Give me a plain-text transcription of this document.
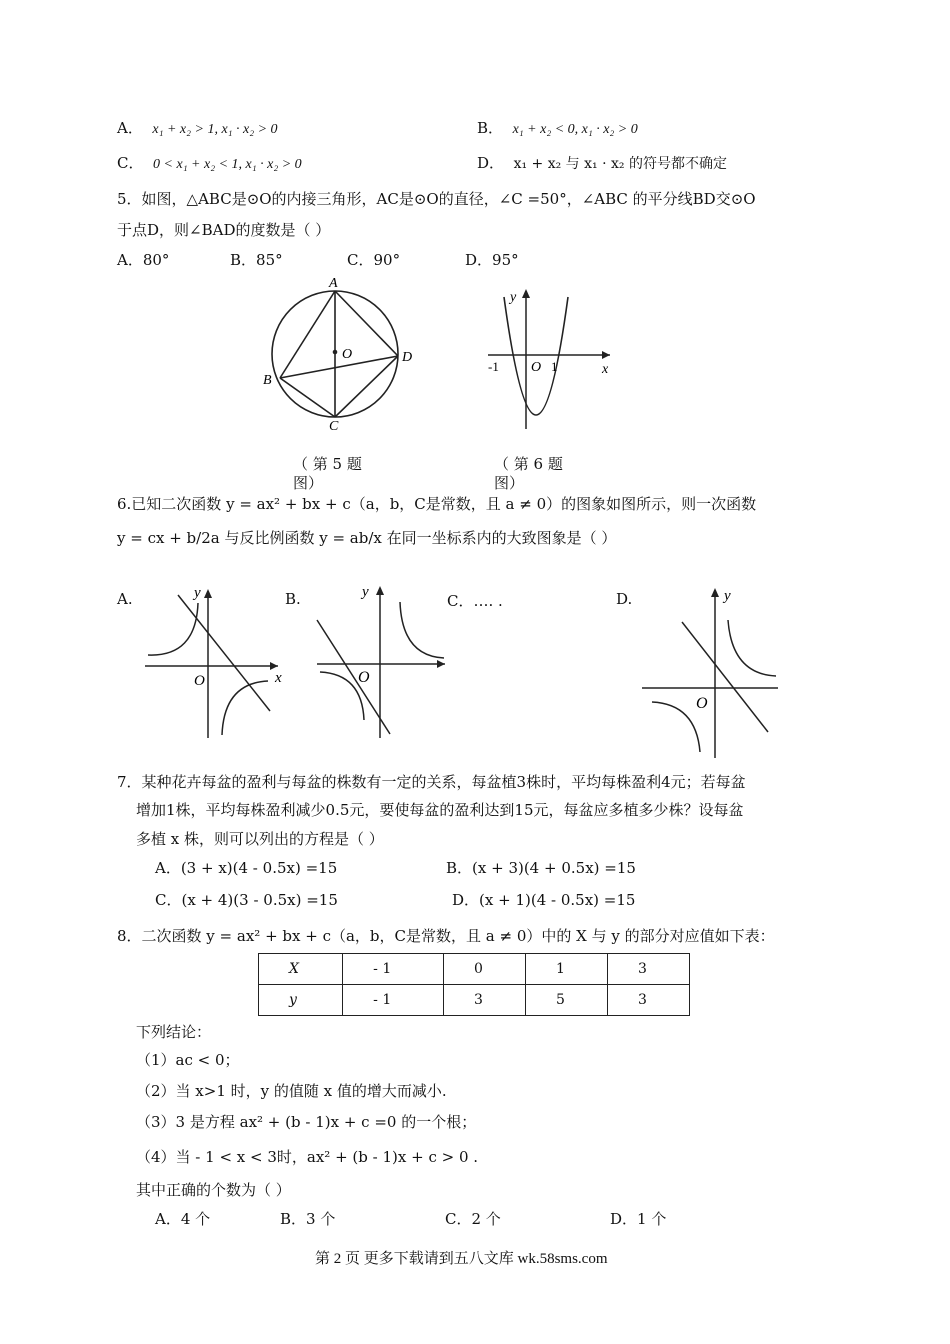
A． x₁ + x₂ > 1, x₁ · x₂ > 0	B． x₁ + x₂ < 0, x₁ · x₂ > 0
C． 0 < x₁ + x₂ < 1, x₁ · x₂ > 0	D． x₁ + x₂ 与 x₁ · x₂ 的符号都不确定
5．如图，△ABC是⊙O的内接三角形，AC是⊙O的直径，∠C =50°，∠ABC 的平分线BD交⊙O
于点D，则∠BAD的度数是（ ）
A．80°	B．85°	C．90°	D．95°
A
B
C
D
O
y
x
O
-1	1
（ 第 5 题
图）
（ 第 6 题
图）
6.已知二次函数 y = ax² + bx + c（a，b，C是常数，且 a ≠ 0）的图象如图所示，则一次函数
y = cx + b/2a 与反比例函数 y = ab/x 在同一坐标系内的大致图象是（ ）
A.	B.	C．…. .	D.
y
x
O
y
O
y
O
7．某种花卉每盆的盈利与每盆的株数有一定的关系，每盆植3株时，平均每株盈利4元；若每盆
增加1株，平均每株盈利减少0.5元，要使每盆的盈利达到15元，每盆应多植多少株？设每盆
多植 x 株，则可以列出的方程是（ ）
A．(3 + x)(4 - 0.5x) =15	B．(x + 3)(4 + 0.5x) =15
C．(x + 4)(3 - 0.5x) =15	D．(x + 1)(4 - 0.5x) =15
8．二次函数 y = ax² + bx + c（a，b，C是常数，且 a ≠ 0）中的 X 与 y 的部分对应值如下表：
X	- 1	0	1	3
y	- 1	3	5	3
下列结论：
（1）ac < 0；
（2）当 x>1 时，y 的值随 x 值的增大而减小.
（3）3 是方程 ax² + (b - 1)x + c =0 的一个根；
（4）当 - 1 < x < 3时，ax² + (b - 1)x + c > 0 .
其中正确的个数为（ ）
A．4 个	B．3 个	C．2 个	D．1 个
第 2 页 更多下载请到五八文库 wk.58sms.com
